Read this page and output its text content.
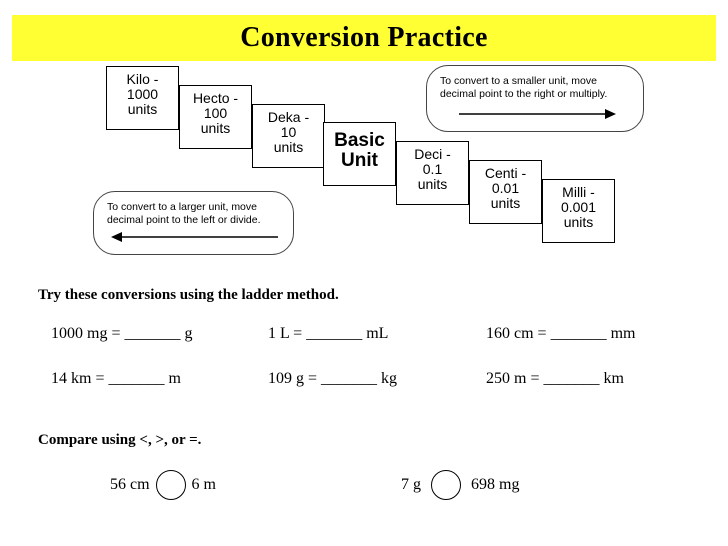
Conversion Practice
Kilo -
1000
units
Hecto -
100
units
Deka -
10
units	Basic
Unit	Deci -
0.1
units
Centi -
0.01
units
Milli -
0.001
units
To convert to a smaller unit, move
decimal point to the right or multiply.
To convert to a larger unit, move
decimal point to the left or divide.
Try these conversions using the ladder method.
1000 mg = _______ g	1 L = _______ mL	160 cm = _______ mm
14 km = _______ m	109 g = _______ kg	250 m = _______ km
Compare using <, >, or =.
56 cm	6 m	7 g	698 mg
